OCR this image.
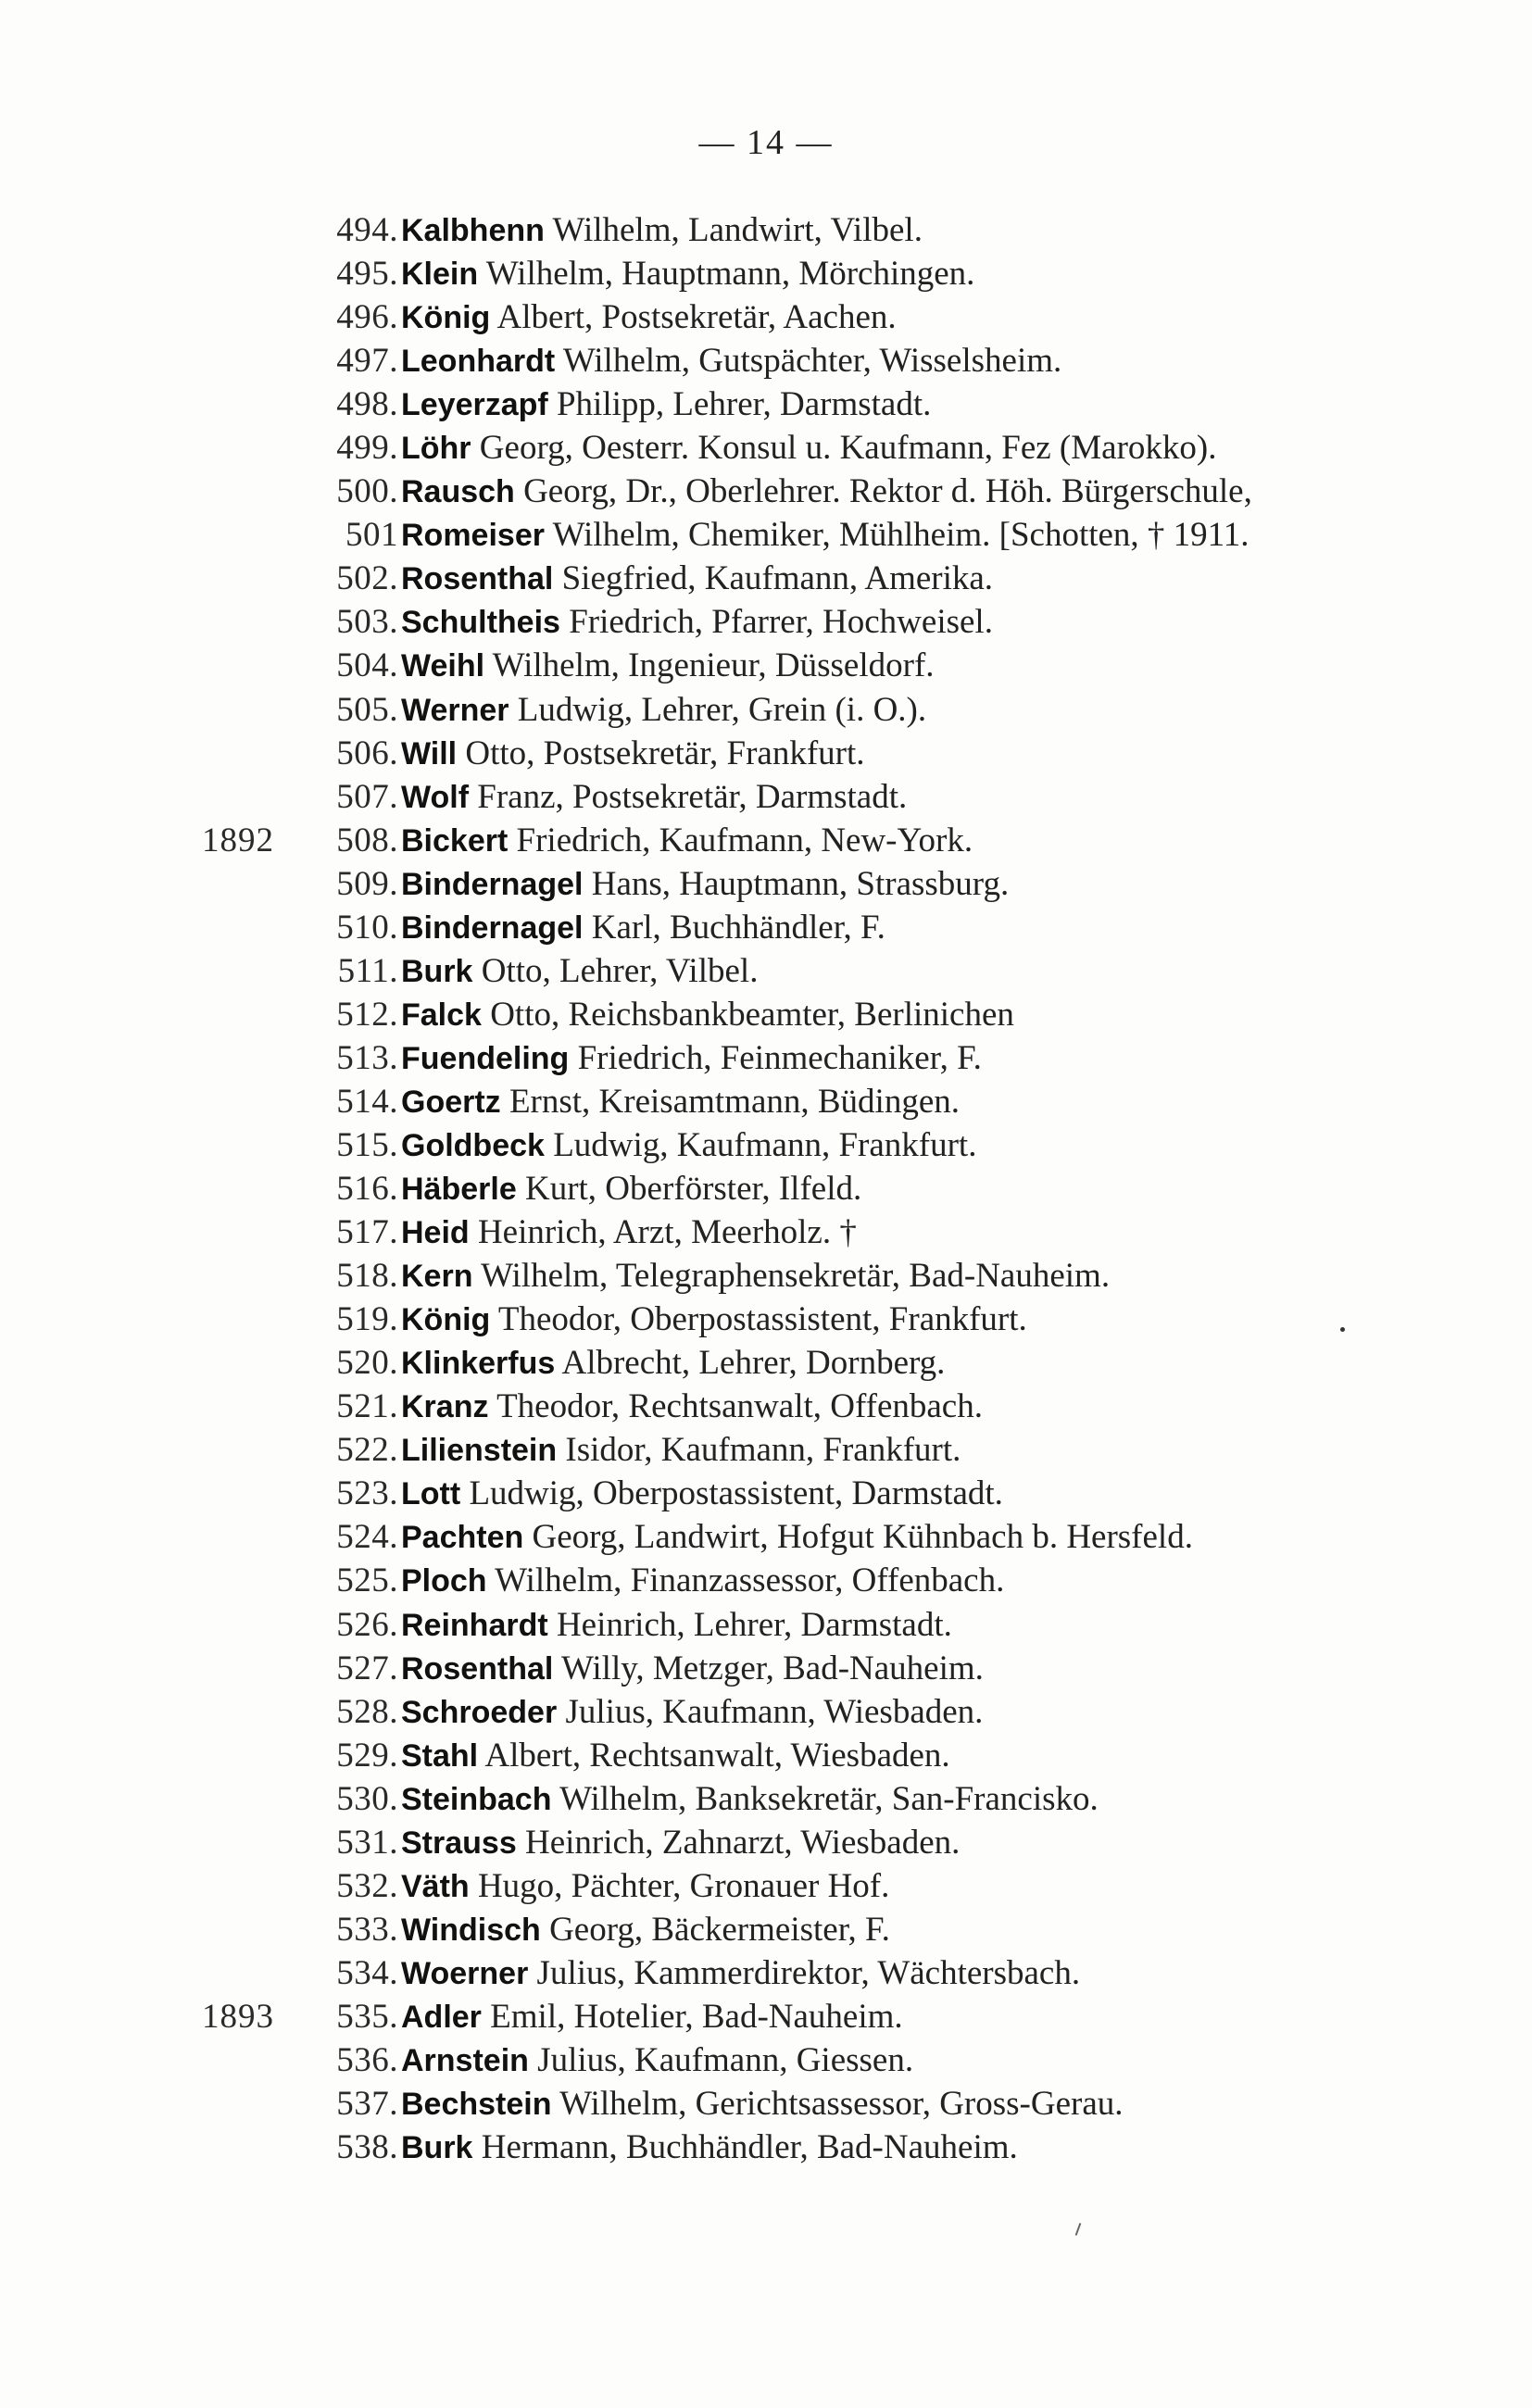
— 14 —
494. Kalbhenn Wilhelm, Landwirt, Vilbel.
495. Klein Wilhelm, Hauptmann, Mörchingen.
496. König Albert, Postsekretär, Aachen.
497. Leonhardt Wilhelm, Gutspächter, Wisselsheim.
498. Leyerzapf Philipp, Lehrer, Darmstadt.
499. Löhr Georg, Oesterr. Konsul u. Kaufmann, Fez (Marokko).
500. Rausch Georg, Dr., Oberlehrer. Rektor d. Höh. Bürgerschule,
501 Romeiser Wilhelm, Chemiker, Mühlheim. [Schotten, † 1911.
502. Rosenthal Siegfried, Kaufmann, Amerika.
503. Schultheis Friedrich, Pfarrer, Hochweisel.
504. Weihl Wilhelm, Ingenieur, Düsseldorf.
505. Werner Ludwig, Lehrer, Grein (i. O.).
506. Will Otto, Postsekretär, Frankfurt.
507. Wolf Franz, Postsekretär, Darmstadt.
1892	508. Bickert Friedrich, Kaufmann, New-York.
509. Bindernagel Hans, Hauptmann, Strassburg.
510. Bindernagel Karl, Buchhändler, F.
511. Burk Otto, Lehrer, Vilbel.
512. Falck Otto, Reichsbankbeamter, Berlinichen
513. Fuendeling Friedrich, Feinmechaniker, F.
514. Goertz Ernst, Kreisamtmann, Büdingen.
515. Goldbeck Ludwig, Kaufmann, Frankfurt.
516. Häberle Kurt, Oberförster, Ilfeld.
517. Heid Heinrich, Arzt, Meerholz. †
518. Kern Wilhelm, Telegraphensekretär, Bad-Nauheim.
519. König Theodor, Oberpostassistent, Frankfurt.
520. Klinkerfus Albrecht, Lehrer, Dornberg.
521. Kranz Theodor, Rechtsanwalt, Offenbach.
522. Lilienstein Isidor, Kaufmann, Frankfurt.
523. Lott Ludwig, Oberpostassistent, Darmstadt.
524. Pachten Georg, Landwirt, Hofgut Kühnbach b. Hersfeld.
525. Ploch Wilhelm, Finanzassessor, Offenbach.
526. Reinhardt Heinrich, Lehrer, Darmstadt.
527. Rosenthal Willy, Metzger, Bad-Nauheim.
528. Schroeder Julius, Kaufmann, Wiesbaden.
529. Stahl Albert, Rechtsanwalt, Wiesbaden.
530. Steinbach Wilhelm, Banksekretär, San-Francisko.
531. Strauss Heinrich, Zahnarzt, Wiesbaden.
532. Väth Hugo, Pächter, Gronauer Hof.
533. Windisch Georg, Bäckermeister, F.
534. Woerner Julius, Kammerdirektor, Wächtersbach.
1893	535. Adler Emil, Hotelier, Bad-Nauheim.
536. Arnstein Julius, Kaufmann, Giessen.
537. Bechstein Wilhelm, Gerichtsassessor, Gross-Gerau.
538. Burk Hermann, Buchhändler, Bad-Nauheim.
